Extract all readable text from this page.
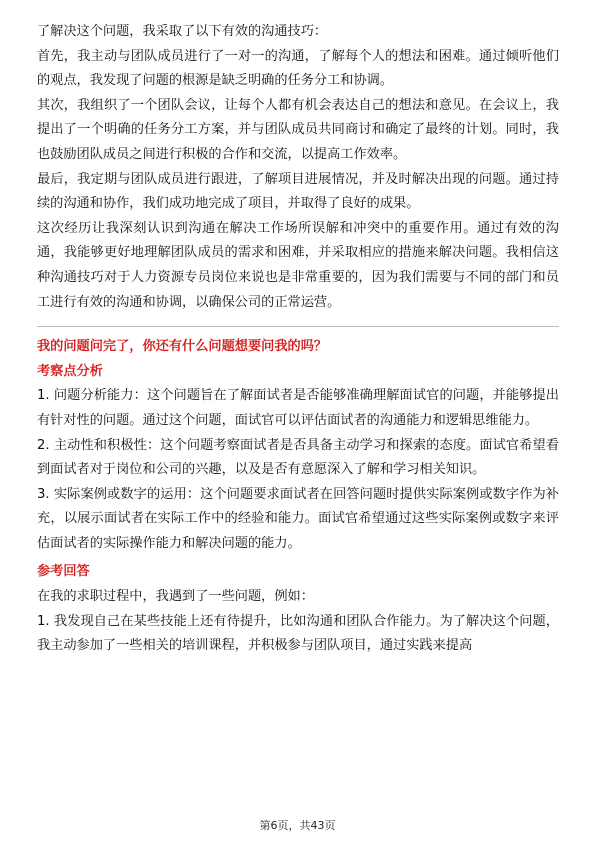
了解决这个问题，我采取了以下有效的沟通技巧：

首先，我主动与团队成员进行了一对一的沟通，了解每个人的想法和困难。通过倾听他们的观点，我发现了问题的根源是缺乏明确的任务分工和协调。

其次，我组织了一个团队会议，让每个人都有机会表达自己的想法和意见。在会议上，我提出了一个明确的任务分工方案，并与团队成员共同商讨和确定了最终的计划。同时，我也鼓励团队成员之间进行积极的合作和交流，以提高工作效率。

最后，我定期与团队成员进行跟进，了解项目进展情况，并及时解决出现的问题。通过持续的沟通和协作，我们成功地完成了项目，并取得了良好的成果。

这次经历让我深刻认识到沟通在解决工作场所误解和冲突中的重要作用。通过有效的沟通，我能够更好地理解团队成员的需求和困难，并采取相应的措施来解决问题。我相信这种沟通技巧对于人力资源专员岗位来说也是非常重要的，因为我们需要与不同的部门和员工进行有效的沟通和协调，以确保公司的正常运营。

我的问题问完了，你还有什么问题想要问我的吗？

考察点分析

1. 问题分析能力：这个问题旨在了解面试者是否能够准确理解面试官的问题，并能够提出有针对性的问题。通过这个问题，面试官可以评估面试者的沟通能力和逻辑思维能力。

2. 主动性和积极性：这个问题考察面试者是否具备主动学习和探索的态度。面试官希望看到面试者对于岗位和公司的兴趣，以及是否有意愿深入了解和学习相关知识。

3. 实际案例或数字的运用：这个问题要求面试者在回答问题时提供实际案例或数字作为补充，以展示面试者在实际工作中的经验和能力。面试官希望通过这些实际案例或数字来评估面试者的实际操作能力和解决问题的能力。

参考回答

在我的求职过程中，我遇到了一些问题，例如：

1. 我发现自己在某些技能上还有待提升，比如沟通和团队合作能力。为了解决这个问题，我主动参加了一些相关的培训课程，并积极参与团队项目，通过实践来提高

第6页，共43页
